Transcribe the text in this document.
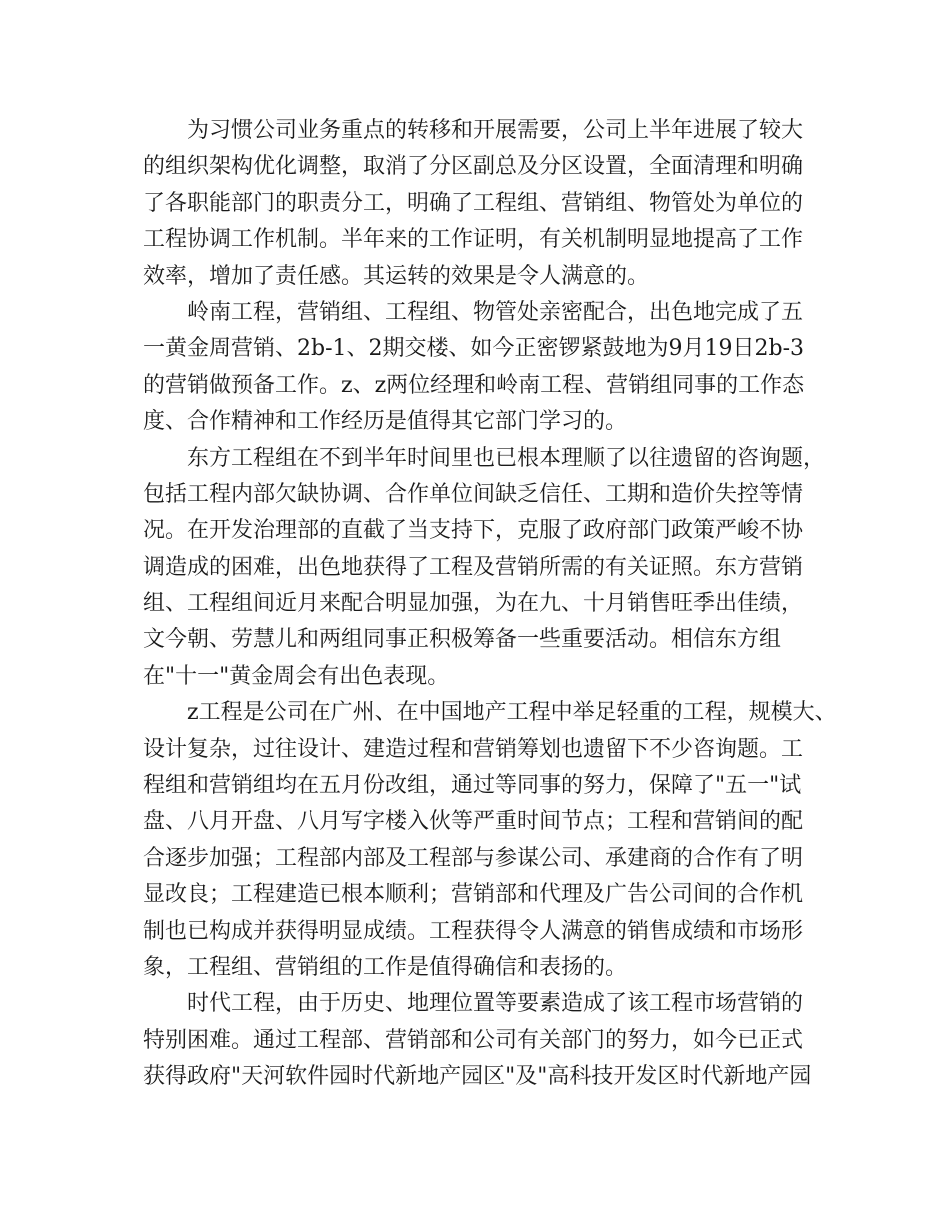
为习惯公司业务重点的转移和开展需要，公司上半年进展了较大
的组织架构优化调整，取消了分区副总及分区设置，全面清理和明确
了各职能部门的职责分工，明确了工程组、营销组、物管处为单位的
工程协调工作机制。半年来的工作证明，有关机制明显地提高了工作
效率，增加了责任感。其运转的效果是令人满意的。
岭南工程，营销组、工程组、物管处亲密配合，出色地完成了五
一黄金周营销、2b-1、2期交楼、如今正密锣紧鼓地为9月19日2b-3
的营销做预备工作。z、z两位经理和岭南工程、营销组同事的工作态
度、合作精神和工作经历是值得其它部门学习的。
东方工程组在不到半年时间里也已根本理顺了以往遗留的咨询题，
包括工程内部欠缺协调、合作单位间缺乏信任、工期和造价失控等情
况。在开发治理部的直截了当支持下，克服了政府部门政策严峻不协
调造成的困难，出色地获得了工程及营销所需的有关证照。东方营销
组、工程组间近月来配合明显加强，为在九、十月销售旺季出佳绩，
文今朝、劳慧儿和两组同事正积极筹备一些重要活动。相信东方组
在"十一"黄金周会有出色表现。
z工程是公司在广州、在中国地产工程中举足轻重的工程，规模大、
设计复杂，过往设计、建造过程和营销筹划也遗留下不少咨询题。工
程组和营销组均在五月份改组，通过等同事的努力，保障了"五一"试
盘、八月开盘、八月写字楼入伙等严重时间节点；工程和营销间的配
合逐步加强；工程部内部及工程部与参谋公司、承建商的合作有了明
显改良；工程建造已根本顺利；营销部和代理及广告公司间的合作机
制也已构成并获得明显成绩。工程获得令人满意的销售成绩和市场形
象，工程组、营销组的工作是值得确信和表扬的。
时代工程，由于历史、地理位置等要素造成了该工程市场营销的
特别困难。通过工程部、营销部和公司有关部门的努力，如今已正式
获得政府"天河软件园时代新地产园区"及"高科技开发区时代新地产园
